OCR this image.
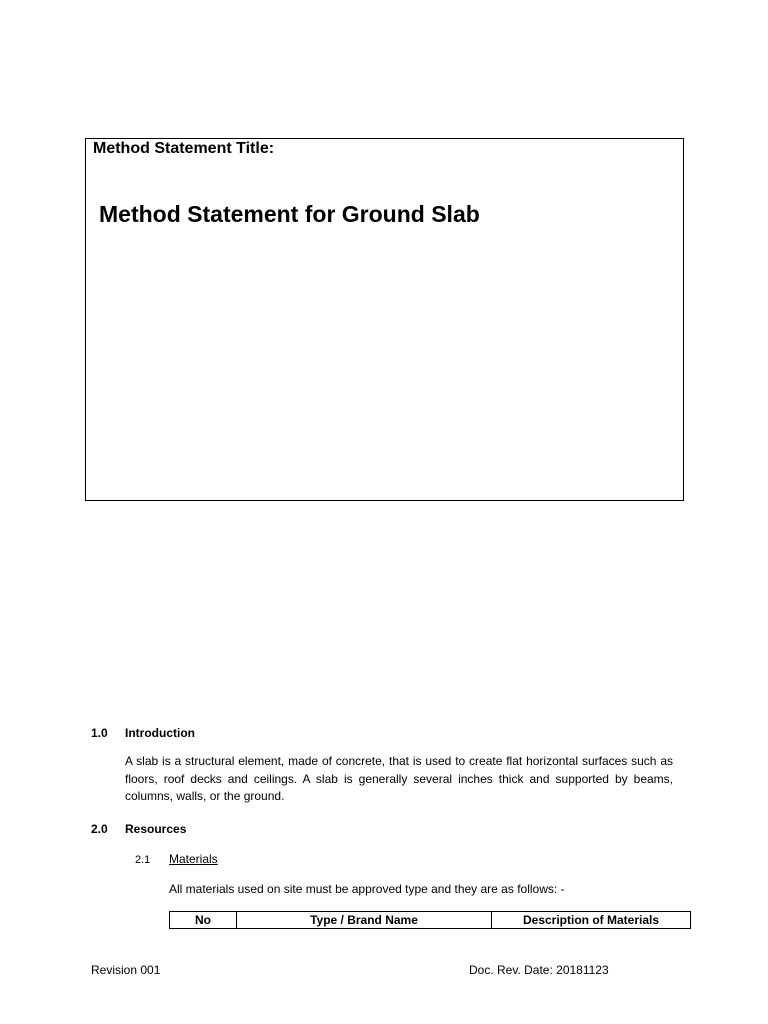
Method Statement Title:
Method Statement for Ground Slab
1.0 Introduction

A slab is a structural element, made of concrete, that is used to create flat horizontal surfaces such as floors, roof decks and ceilings. A slab is generally several inches thick and supported by beams, columns, walls, or the ground.

2.0 Resources
2.1 Materials
All materials used on site must be approved type and they are as follows: -
No	Type / Brand Name	Description of Materials
Revision 001	Doc. Rev. Date: 20181123
